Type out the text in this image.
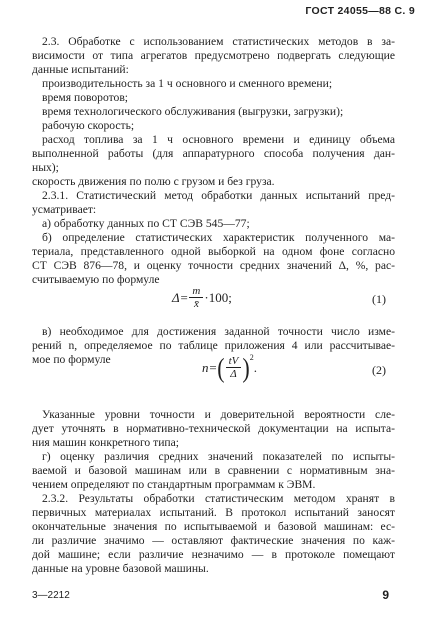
ГОСТ 24055—88 С. 9
2.3. Обработке с использованием статистических методов в за-
висимости от типа агрегатов предусмотрено подвергать следующие
данные испытаний:
производительность за 1 ч основного и сменного времени;
время поворотов;
время технологического обслуживания (выгрузки, загрузки);
рабочую скорость;
расход топлива за 1 ч основного времени и единицу объема
выполненной работы (для аппаратурного способа получения дан-
ных);
скорость движения по полю с грузом и без груза.
2.3.1. Статистический метод обработки данных испытаний пред-
усматривает:
а) обработку данных по СТ СЭВ 545—77;
б) определение статистических характеристик полученного ма-
териала, представленного одной выборкой на одном фоне согласно
СТ СЭВ 876—78, и оценку точности средних значений Δ, %, рас-
считываемую по формуле
в) необходимое для достижения заданной точности число изме-
рений n, определяемое по таблице приложения 4 или рассчитывае-
мое по формуле
Указанные уровни точности и доверительной вероятности сле-
дует уточнять в нормативно-технической документации на испыта-
ния машин конкретного типа;
г) оценку различия средних значений показателей по испыты-
ваемой и базовой машинам или в сравнении с нормативным зна-
чением определяют по стандартным программам к ЭВМ.
2.3.2. Результаты обработки статистическим методом хранят в
первичных материалах испытаний. В протокол испытаний заносят
окончательные значения по испытываемой и базовой машинам: ес-
ли различие значимо — оставляют фактические значения по каж-
дой машине; если различие незначимо — в протоколе помещают
данные на уровне базовой машины.
$\Delta= \frac{m}{x̄} \cdot 100$;	(1)
n= ( $\frac{tV}{\Delta}$ ) 2
.	(2)
3—2212	9
